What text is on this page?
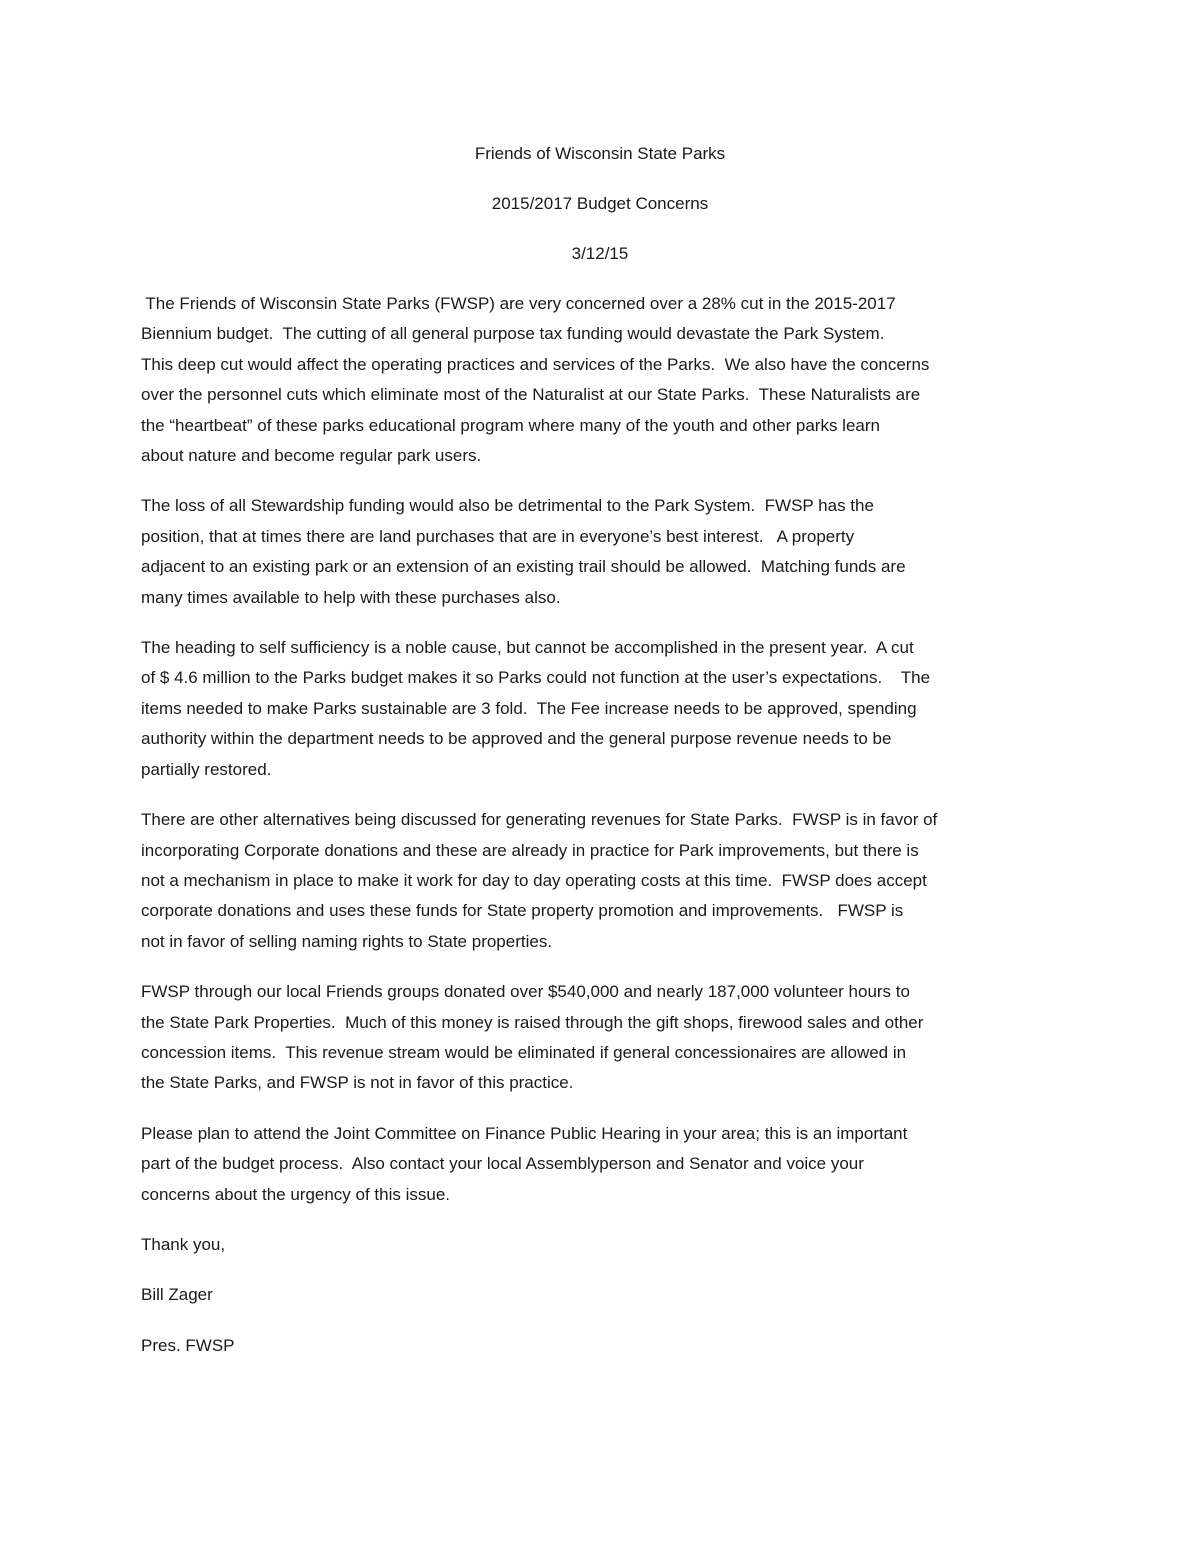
Friends of Wisconsin State Parks
2015/2017 Budget Concerns
3/12/15
The Friends of Wisconsin State Parks (FWSP) are very concerned over a 28% cut in the 2015-2017
Biennium budget.  The cutting of all general purpose tax funding would devastate the Park System.
This deep cut would affect the operating practices and services of the Parks.  We also have the concerns
over the personnel cuts which eliminate most of the Naturalist at our State Parks.  These Naturalists are
the “heartbeat” of these parks educational program where many of the youth and other parks learn
about nature and become regular park users.
The loss of all Stewardship funding would also be detrimental to the Park System.  FWSP has the
position, that at times there are land purchases that are in everyone’s best interest.   A property
adjacent to an existing park or an extension of an existing trail should be allowed.  Matching funds are
many times available to help with these purchases also.
The heading to self sufficiency is a noble cause, but cannot be accomplished in the present year.  A cut
of $ 4.6 million to the Parks budget makes it so Parks could not function at the user’s expectations.    The
items needed to make Parks sustainable are 3 fold.  The Fee increase needs to be approved, spending
authority within the department needs to be approved and the general purpose revenue needs to be
partially restored.
There are other alternatives being discussed for generating revenues for State Parks.  FWSP is in favor of
incorporating Corporate donations and these are already in practice for Park improvements, but there is
not a mechanism in place to make it work for day to day operating costs at this time.  FWSP does accept
corporate donations and uses these funds for State property promotion and improvements.   FWSP is
not in favor of selling naming rights to State properties.
FWSP through our local Friends groups donated over $540,000 and nearly 187,000 volunteer hours to
the State Park Properties.  Much of this money is raised through the gift shops, firewood sales and other
concession items.  This revenue stream would be eliminated if general concessionaires are allowed in
the State Parks, and FWSP is not in favor of this practice.
Please plan to attend the Joint Committee on Finance Public Hearing in your area; this is an important
part of the budget process.  Also contact your local Assemblyperson and Senator and voice your
concerns about the urgency of this issue.
Thank you,
Bill Zager
Pres. FWSP
